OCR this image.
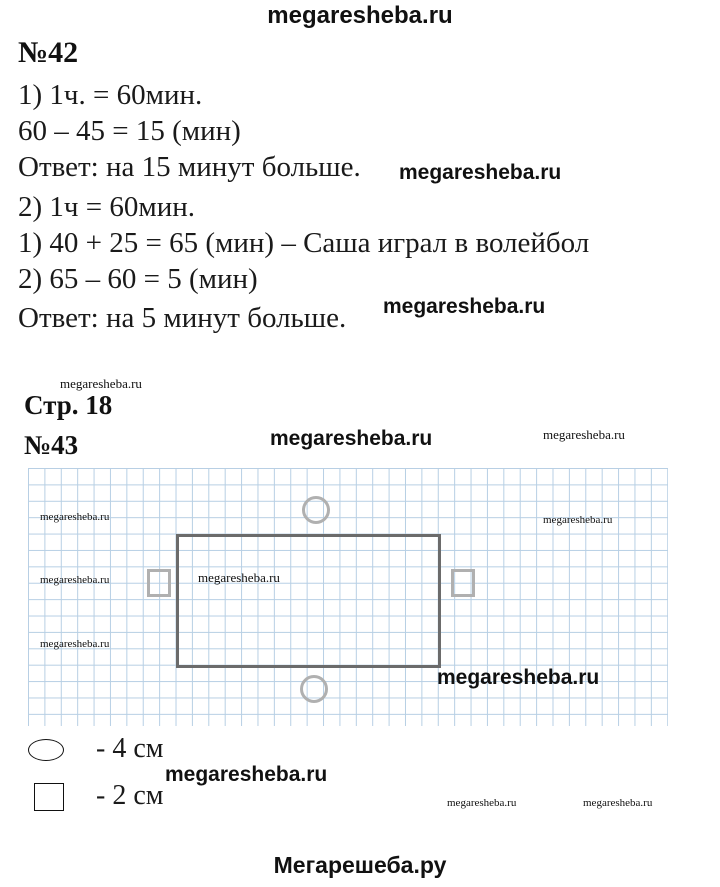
megaresheba.ru
№42
1) 1ч. = 60мин.
60 – 45 = 15 (мин)
Ответ: на 15 минут больше.
2) 1ч = 60мин.
1) 40 + 25 = 65 (мин) – Саша играл в волейбол
2) 65 – 60 = 5 (мин)
Ответ: на 5 минут больше.
Стр. 18
№43
- 4 см
- 2 см
megaresheba.ru
megaresheba.ru
megaresheba.ru
megaresheba.ru	megaresheba.ru
megaresheba.ru	megaresheba.ru
megaresheba.ru	megaresheba.ru
megaresheba.ru
megaresheba.ru
megaresheba.ru
megaresheba.ru	megaresheba.ru
Мегарешеба.ру
